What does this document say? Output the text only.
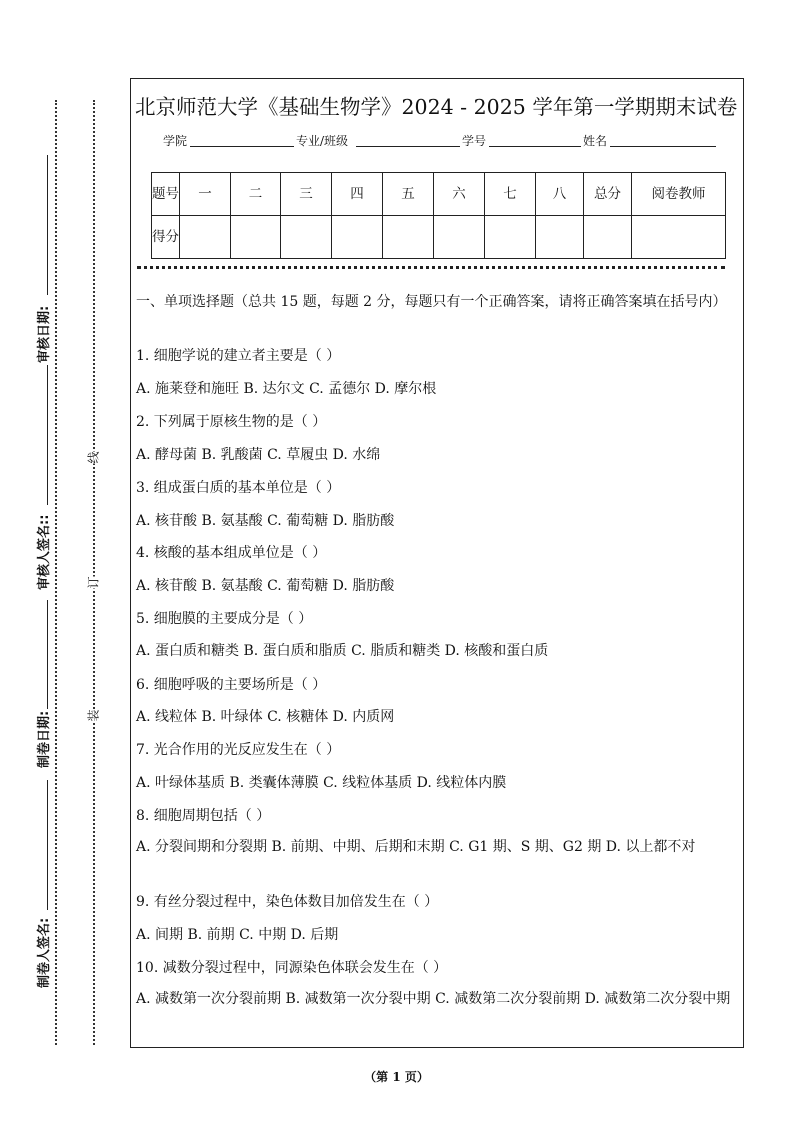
审核日期:
审核人签名::
制卷日期:
制卷人签名:
线
订
装
北京师范大学《基础生物学》2024 - 2025 学年第一学期期末试卷
学院	专业/班级	学号	姓名
题号	一	二	三	四	五	六	七	八	总分	阅卷教师
得分										
一、单项选择题（总共 15 题，每题 2 分，每题只有一个正确答案，请将正确答案填在括号内）
1. 细胞学说的建立者主要是（ ）
A. 施莱登和施旺 B. 达尔文 C. 孟德尔 D. 摩尔根
2. 下列属于原核生物的是（ ）
A. 酵母菌 B. 乳酸菌 C. 草履虫 D. 水绵
3. 组成蛋白质的基本单位是（ ）
A. 核苷酸 B. 氨基酸 C. 葡萄糖 D. 脂肪酸
4. 核酸的基本组成单位是（ ）
A. 核苷酸 B. 氨基酸 C. 葡萄糖 D. 脂肪酸
5. 细胞膜的主要成分是（ ）
A. 蛋白质和糖类 B. 蛋白质和脂质 C. 脂质和糖类 D. 核酸和蛋白质
6. 细胞呼吸的主要场所是（ ）
A. 线粒体 B. 叶绿体 C. 核糖体 D. 内质网
7. 光合作用的光反应发生在（ ）
A. 叶绿体基质 B. 类囊体薄膜 C. 线粒体基质 D. 线粒体内膜
8. 细胞周期包括（ ）
A. 分裂间期和分裂期 B. 前期、中期、后期和末期 C. G1 期、S 期、G2 期 D. 以上都不对
9. 有丝分裂过程中，染色体数目加倍发生在（ ）
A. 间期 B. 前期 C. 中期 D. 后期
10. 减数分裂过程中，同源染色体联会发生在（ ）
A. 减数第一次分裂前期 B. 减数第一次分裂中期 C. 减数第二次分裂前期 D. 减数第二次分裂中期
（第 1 页）
